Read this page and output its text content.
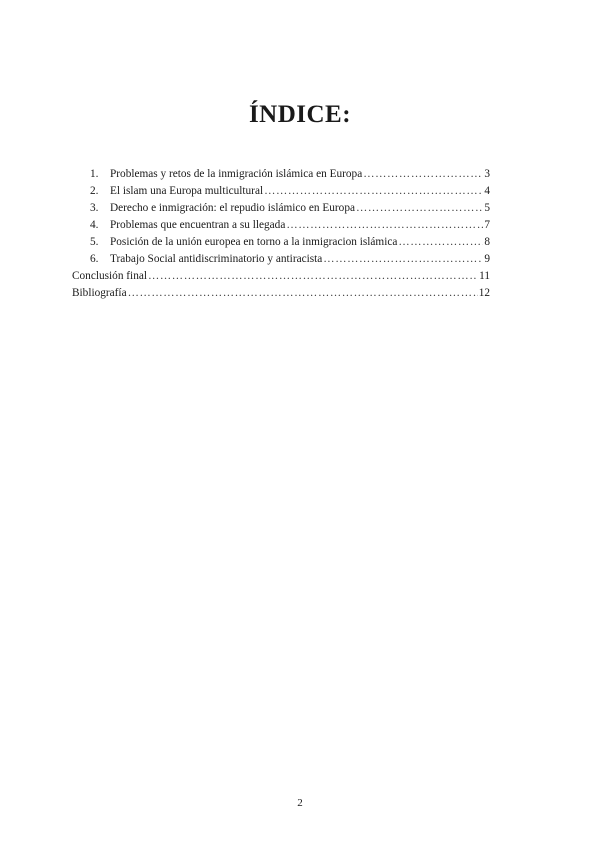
ÍNDICE:
1.	Problemas y retos de la inmigración islámica en Europa ………………………………………………………………………………………………………………………………………………	3
2.	El islam una Europa multicultural ………………………………………………………………………………………………………………………………………………	4
3.	Derecho e inmigración: el repudio islámico en Europa ………………………………………………………………………………………………………………………………………………	5
4.	Problemas que encuentran a su llegada ………………………………………………………………………………………………………………………………………………	7
5.	Posición de la unión europea en torno a la inmigracion islámica ………………………………………………………………………………………………………………………………………………	8
6.	Trabajo Social antidiscriminatorio y antiracista ………………………………………………………………………………………………………………………………………………	9
Conclusión final ………………………………………………………………………………………………………………………………………………	11
Bibliografía ………………………………………………………………………………………………………………………………………………	12
2
